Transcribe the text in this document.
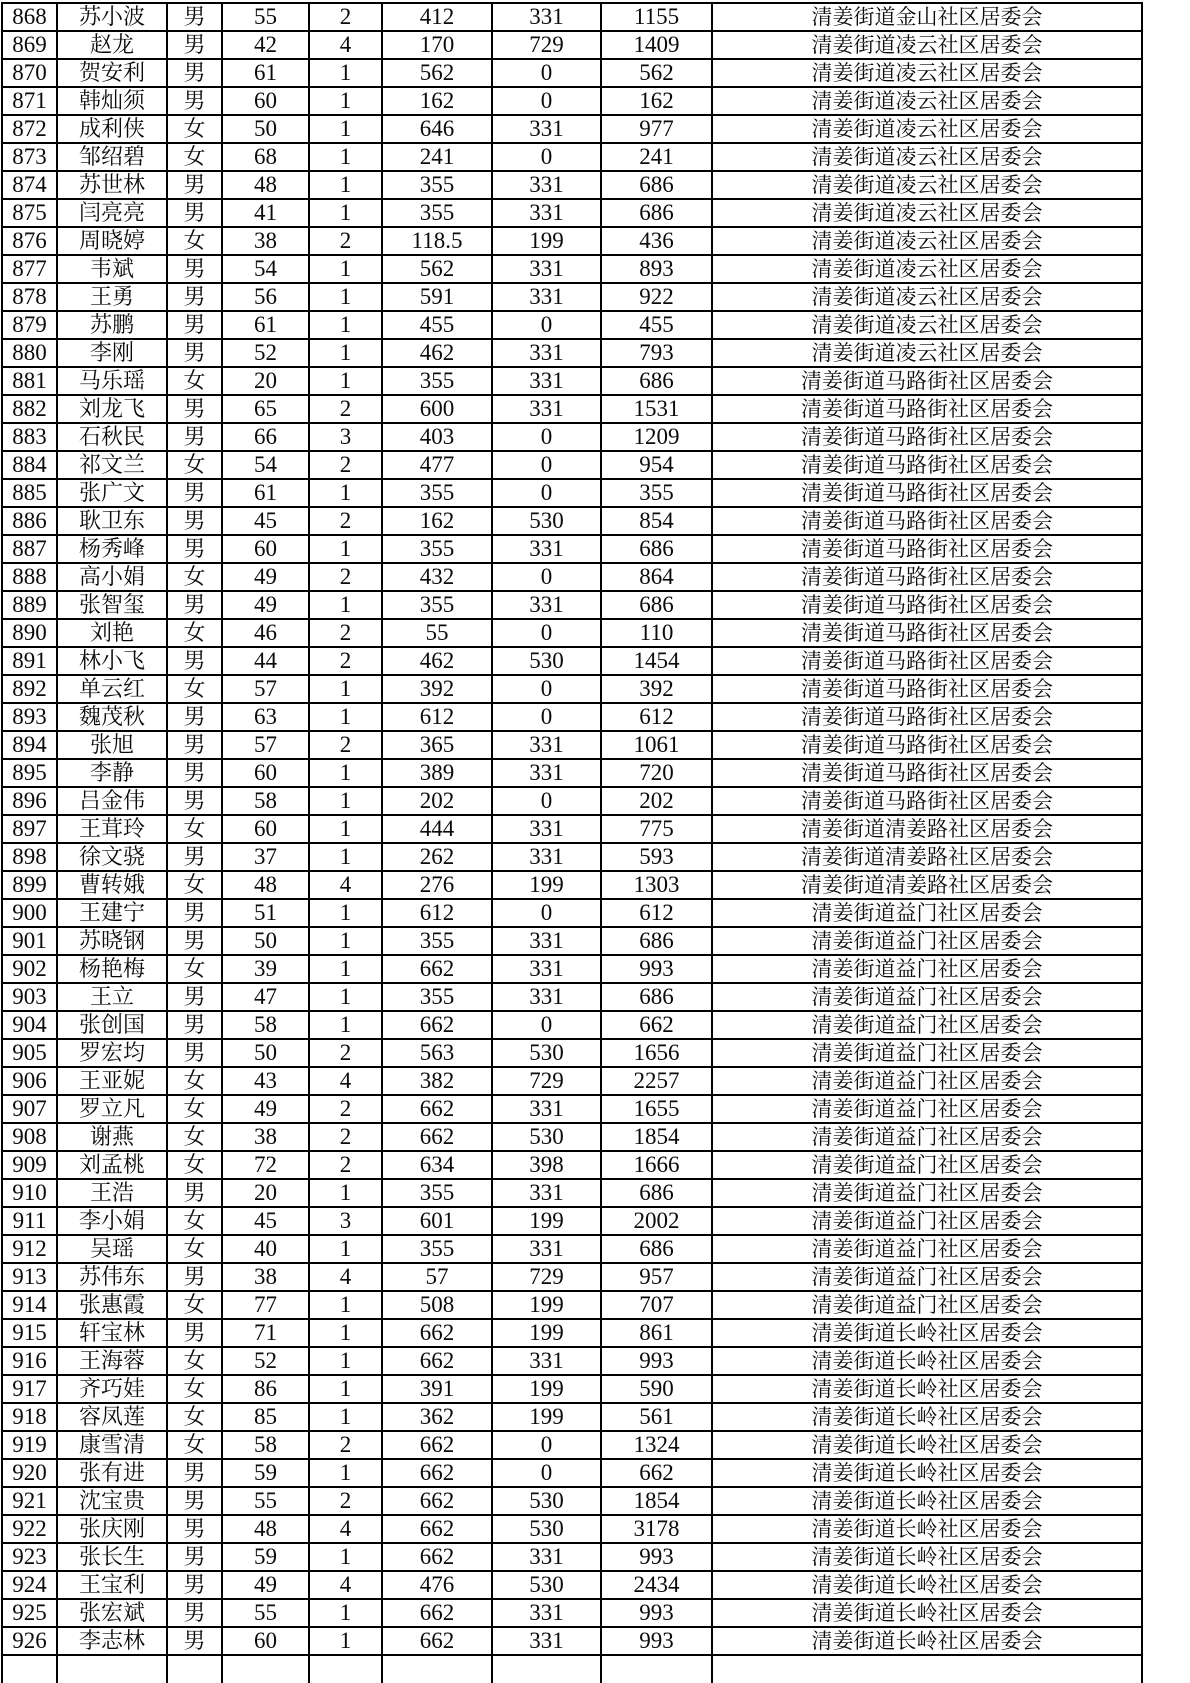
868	苏小波	男	55	2	412	331	1155	清姜街道金山社区居委会
869	赵龙	男	42	4	170	729	1409	清姜街道凌云社区居委会
870	贺安利	男	61	1	562	0	562	清姜街道凌云社区居委会
871	韩灿须	男	60	1	162	0	162	清姜街道凌云社区居委会
872	成利侠	女	50	1	646	331	977	清姜街道凌云社区居委会
873	邹绍碧	女	68	1	241	0	241	清姜街道凌云社区居委会
874	苏世林	男	48	1	355	331	686	清姜街道凌云社区居委会
875	闫亮亮	男	41	1	355	331	686	清姜街道凌云社区居委会
876	周晓婷	女	38	2	118.5	199	436	清姜街道凌云社区居委会
877	韦斌	男	54	1	562	331	893	清姜街道凌云社区居委会
878	王勇	男	56	1	591	331	922	清姜街道凌云社区居委会
879	苏鹏	男	61	1	455	0	455	清姜街道凌云社区居委会
880	李刚	男	52	1	462	331	793	清姜街道凌云社区居委会
881	马乐瑶	女	20	1	355	331	686	清姜街道马路街社区居委会
882	刘龙飞	男	65	2	600	331	1531	清姜街道马路街社区居委会
883	石秋民	男	66	3	403	0	1209	清姜街道马路街社区居委会
884	祁文兰	女	54	2	477	0	954	清姜街道马路街社区居委会
885	张广文	男	61	1	355	0	355	清姜街道马路街社区居委会
886	耿卫东	男	45	2	162	530	854	清姜街道马路街社区居委会
887	杨秀峰	男	60	1	355	331	686	清姜街道马路街社区居委会
888	高小娟	女	49	2	432	0	864	清姜街道马路街社区居委会
889	张智玺	男	49	1	355	331	686	清姜街道马路街社区居委会
890	刘艳	女	46	2	55	0	110	清姜街道马路街社区居委会
891	林小飞	男	44	2	462	530	1454	清姜街道马路街社区居委会
892	单云红	女	57	1	392	0	392	清姜街道马路街社区居委会
893	魏茂秋	男	63	1	612	0	612	清姜街道马路街社区居委会
894	张旭	男	57	2	365	331	1061	清姜街道马路街社区居委会
895	李静	男	60	1	389	331	720	清姜街道马路街社区居委会
896	吕金伟	男	58	1	202	0	202	清姜街道马路街社区居委会
897	王茸玲	女	60	1	444	331	775	清姜街道清姜路社区居委会
898	徐文骁	男	37	1	262	331	593	清姜街道清姜路社区居委会
899	曹转娥	女	48	4	276	199	1303	清姜街道清姜路社区居委会
900	王建宁	男	51	1	612	0	612	清姜街道益门社区居委会
901	苏晓钢	男	50	1	355	331	686	清姜街道益门社区居委会
902	杨艳梅	女	39	1	662	331	993	清姜街道益门社区居委会
903	王立	男	47	1	355	331	686	清姜街道益门社区居委会
904	张创国	男	58	1	662	0	662	清姜街道益门社区居委会
905	罗宏均	男	50	2	563	530	1656	清姜街道益门社区居委会
906	王亚妮	女	43	4	382	729	2257	清姜街道益门社区居委会
907	罗立凡	女	49	2	662	331	1655	清姜街道益门社区居委会
908	谢燕	女	38	2	662	530	1854	清姜街道益门社区居委会
909	刘孟桃	女	72	2	634	398	1666	清姜街道益门社区居委会
910	王浩	男	20	1	355	331	686	清姜街道益门社区居委会
911	李小娟	女	45	3	601	199	2002	清姜街道益门社区居委会
912	吴瑶	女	40	1	355	331	686	清姜街道益门社区居委会
913	苏伟东	男	38	4	57	729	957	清姜街道益门社区居委会
914	张惠霞	女	77	1	508	199	707	清姜街道益门社区居委会
915	轩宝林	男	71	1	662	199	861	清姜街道长岭社区居委会
916	王海蓉	女	52	1	662	331	993	清姜街道长岭社区居委会
917	齐巧娃	女	86	1	391	199	590	清姜街道长岭社区居委会
918	容凤莲	女	85	1	362	199	561	清姜街道长岭社区居委会
919	康雪清	女	58	2	662	0	1324	清姜街道长岭社区居委会
920	张有进	男	59	1	662	0	662	清姜街道长岭社区居委会
921	沈宝贵	男	55	2	662	530	1854	清姜街道长岭社区居委会
922	张庆刚	男	48	4	662	530	3178	清姜街道长岭社区居委会
923	张长生	男	59	1	662	331	993	清姜街道长岭社区居委会
924	王宝利	男	49	4	476	530	2434	清姜街道长岭社区居委会
925	张宏斌	男	55	1	662	331	993	清姜街道长岭社区居委会
926	李志林	男	60	1	662	331	993	清姜街道长岭社区居委会
